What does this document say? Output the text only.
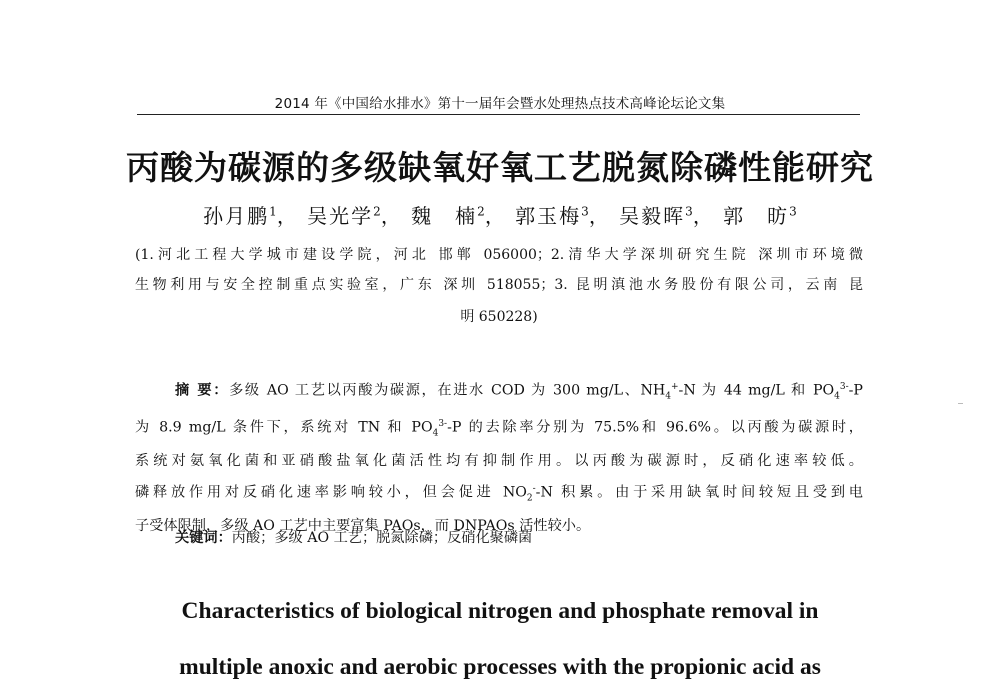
2014 年《中国给水排水》第十一届年会暨水处理热点技术高峰论坛论文集
丙酸为碳源的多级缺氧好氧工艺脱氮除磷性能研究
孙月鹏$^1$， 吴光学$^2$， 魏　楠$^2$， 郭玉梅$^3$， 吴毅晖$^3$， 郭　昉$^3$
(1.河北工程大学城市建设学院，河北 邯郸 056000；2.清华大学深圳研究生院 深圳市环境微
生物利用与安全控制重点实验室，广东 深圳 518055；3. 昆明滇池水务股份有限公司，云南 昆
明 650228)
摘 要：多级 AO 工艺以丙酸为碳源，在进水 COD 为 300 mg/L、$NH_4^+-N$ 为 44 mg/L 和 $PO_4^{3-}-P$
为 8.9 mg/L 条件下，系统对 TN 和 $PO_4^{3-}-P$ 的去除率分别为 75.5%和 96.6%。以丙酸为碳源时，
系统对氨氧化菌和亚硝酸盐氧化菌活性均有抑制作用。以丙酸为碳源时，反硝化速率较低。
磷释放作用对反硝化速率影响较小，但会促进 $NO_2^--N$ 积累。由于采用缺氧时间较短且受到电
子受体限制，多级 AO 工艺中主要富集 PAOs，而 DNPAOs 活性较小。
关键词：丙酸；多级 AO 工艺；脱氮除磷；反硝化聚磷菌
Characteristics of biological nitrogen and phosphate removal in
multiple anoxic and aerobic processes with the propionic acid as
